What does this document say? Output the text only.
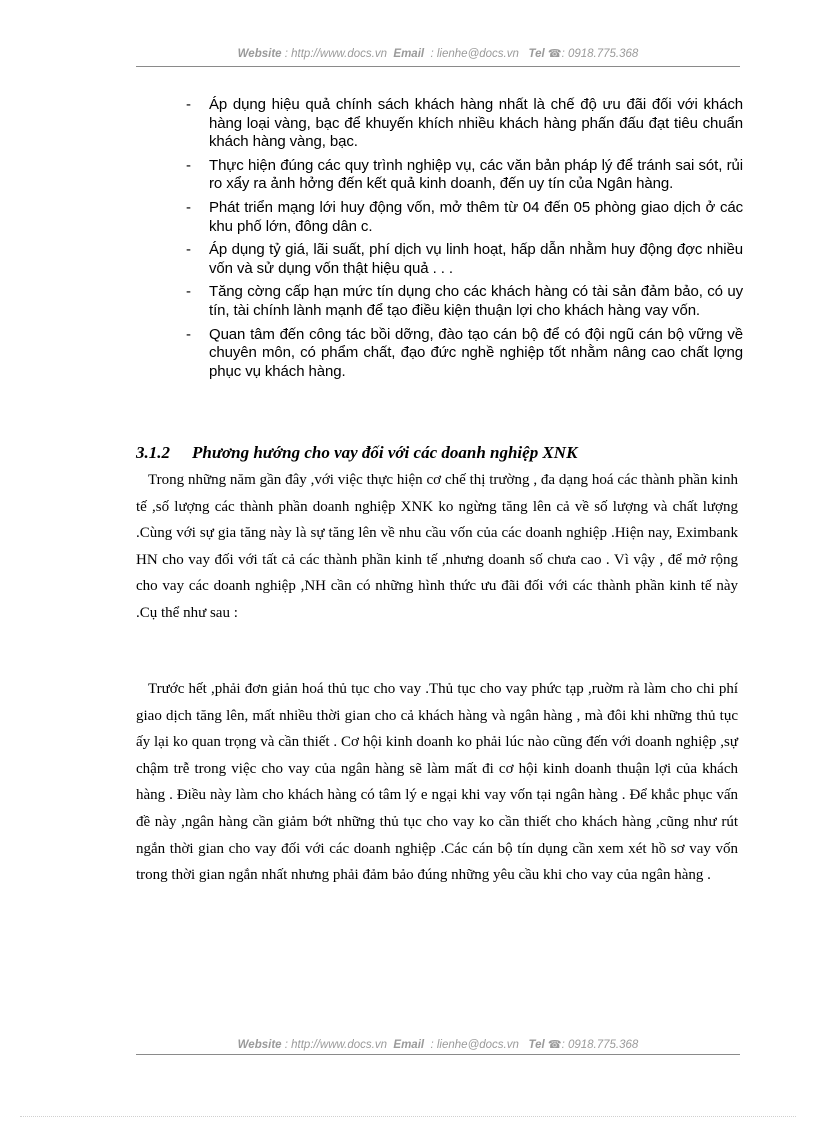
Website : http://www.docs.vn Email : lienhe@docs.vn Tel ☎: 0918.775.368
- Áp dụng hiệu quả chính sách khách hàng nhất là chế độ ưu đãi đối với khách hàng loại vàng, bạc để khuyến khích nhiều khách hàng phấn đấu đạt tiêu chuẩn khách hàng vàng, bạc.
- Thực hiện đúng các quy trình nghiệp vụ, các văn bản pháp lý để tránh sai sót, rủi ro xẩy ra ảnh hởng đến kết quả kinh doanh, đến uy tín của Ngân hàng.
- Phát triển mạng lới huy động vốn, mở thêm từ 04 đến 05 phòng giao dịch ở các khu phố lớn, đông dân c.
- Áp dụng tỷ giá, lãi suất, phí dịch vụ linh hoạt, hấp dẫn nhằm huy động đợc nhiều vốn và sử dụng vốn thật hiệu quả . . .
- Tăng cờng cấp hạn mức tín dụng cho các khách hàng có tài sản đảm bảo, có uy tín, tài chính lành mạnh để tạo điều kiện thuận lợi cho khách hàng vay vốn.
- Quan tâm đến công tác bồi dỡng, đào tạo cán bộ để có đội ngũ cán bộ vững về chuyên môn, có phẩm chất, đạo đức nghề nghiệp tốt nhằm nâng cao chất lợng phục vụ khách hàng.
3.1.2 Phương hướng cho vay đối với các doanh nghiệp XNK

Trong những năm gần đây ,với việc thực hiện cơ chế thị trường , đa dạng hoá các thành phần kinh tế ,số lượng các thành phần doanh nghiệp XNK ko ngừng tăng lên cả về số lượng và chất lượng .Cùng với sự gia tăng này là sự tăng lên về nhu cầu vốn của các doanh nghiệp .Hiện nay, Eximbank HN cho vay đối với tất cả các thành phần kinh tế ,nhưng doanh số chưa cao . Vì vậy , để mở rộng cho vay các doanh nghiệp ,NH cần có những hình thức ưu đãi đối với các thành phần kinh tế này .Cụ thể như sau :

Trước hết ,phải đơn giản hoá thủ tục cho vay .Thủ tục cho vay phức tạp ,ruờm rà làm cho chi phí giao dịch tăng lên, mất nhiều thời gian cho cả khách hàng và ngân hàng , mà đôi khi những thủ tục ấy lại ko quan trọng và cần thiết . Cơ hội kinh doanh ko phải lúc nào cũng đến với doanh nghiệp ,sự chậm trễ trong việc cho vay của ngân hàng sẽ làm mất đi cơ hội kinh doanh thuận lợi của khách hàng . Điều này làm cho khách hàng có tâm lý e ngại khi vay vốn tại ngân hàng . Để khắc phục vấn đề này ,ngân hàng cần giảm bớt những thủ tục cho vay ko cần thiết cho khách hàng ,cũng như rút ngắn thời gian cho vay đối với các doanh nghiệp .Các cán bộ tín dụng cần xem xét hồ sơ vay vốn trong thời gian ngắn nhất nhưng phải đảm bảo đúng những yêu cầu khi cho vay của ngân hàng .

Website : http://www.docs.vn Email : lienhe@docs.vn Tel ☎: 0918.775.368
